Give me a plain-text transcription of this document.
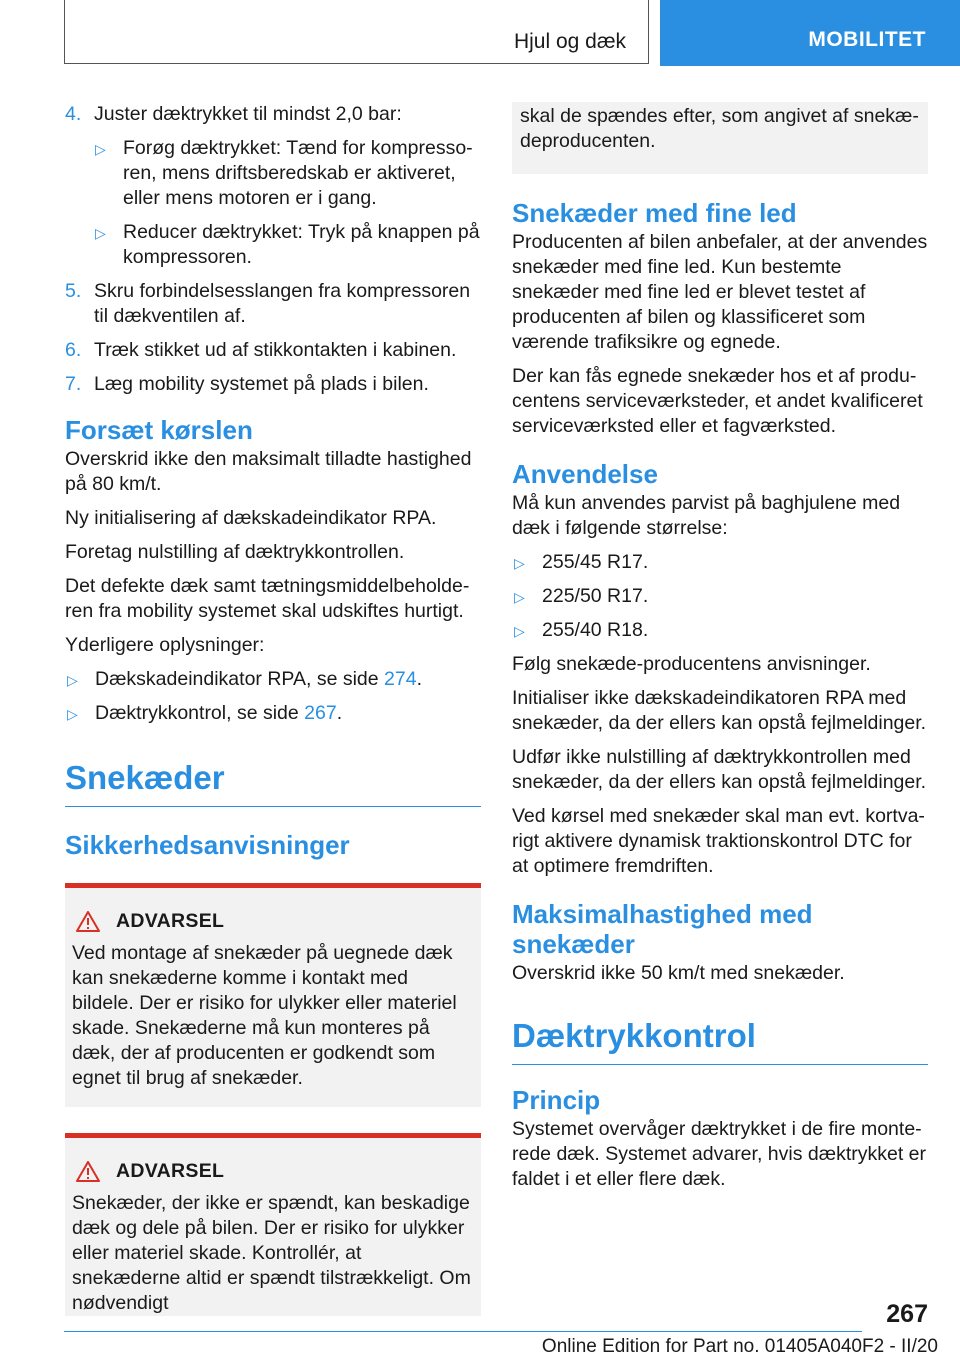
Hjul og dæk	MOBILITET
4. Juster dæktrykket til mindst 2,0 bar:
▷ Forøg dæktrykket: Tænd for kompressoren, mens driftsberedskab er aktiveret, eller mens motoren er i gang.
▷ Reducer dæktrykket: Tryk på knappen på kompressoren.
5. Skru forbindelsesslangen fra kompressoren til dækventilen af.
6. Træk stikket ud af stikkontakten i kabinen.
7. Læg mobility systemet på plads i bilen.
Forsæt kørslen

Overskrid ikke den maksimalt tilladte hastighed på 80 km/t.

Ny initialisering af dækskadeindikator RPA.

Foretag nulstilling af dæktrykkontrollen.

Det defekte dæk samt tætningsmiddelbeholderen fra mobility systemet skal udskiftes hurtigt.

Yderligere oplysninger:

▷ Dækskadeindikator RPA, se side 274.
▷ Dæktrykkontrol, se side 267.
Snekæder
Sikkerhedsanvisninger
ADVARSEL

Ved montage af snekæder på uegnede dæk kan snekæderne komme i kontakt med bildele. Der er risiko for ulykker eller materiel skade. Snekæderne må kun monteres på dæk, der af producenten er godkendt som egnet til brug af snekæder.

ADVARSEL

Snekæder, der ikke er spændt, kan beskadige dæk og dele på bilen. Der er risiko for ulykker eller materiel skade. Kontrollér, at snekæderne altid er spændt tilstrækkeligt. Om nødvendigt

skal de spændes efter, som angivet af snekædeproducenten.

Snekæder med fine led

Producenten af bilen anbefaler, at der anvendes snekæder med fine led. Kun bestemte snekæder med fine led er blevet testet af producenten af bilen og klassificeret som værende trafiksikre og egnede.

Der kan fås egnede snekæder hos et af producentens serviceværksteder, et andet kvalificeret serviceværksted eller et fagværksted.

Anvendelse

Må kun anvendes parvist på baghjulene med dæk i følgende størrelse:

▷ 255/45 R17.
▷ 225/50 R17.
▷ 255/40 R18.

Følg snekæde-producentens anvisninger.

Initialiser ikke dækskadeindikatoren RPA med snekæder, da der ellers kan opstå fejlmeldinger.

Udfør ikke nulstilling af dæktrykkontrollen med snekæder, da der ellers kan opstå fejlmeldinger.

Ved kørsel med snekæder skal man evt. kortvarigt aktivere dynamisk traktionskontrol DTC for at optimere fremdriften.

Maksimalhastighed med snekæder

Overskrid ikke 50 km/t med snekæder.

Dæktrykkontrol
Princip

Systemet overvåger dæktrykket i de fire monterede dæk. Systemet advarer, hvis dæktrykket er faldet i et eller flere dæk.

267
Online Edition for Part no. 01405A040F2 - II/20
